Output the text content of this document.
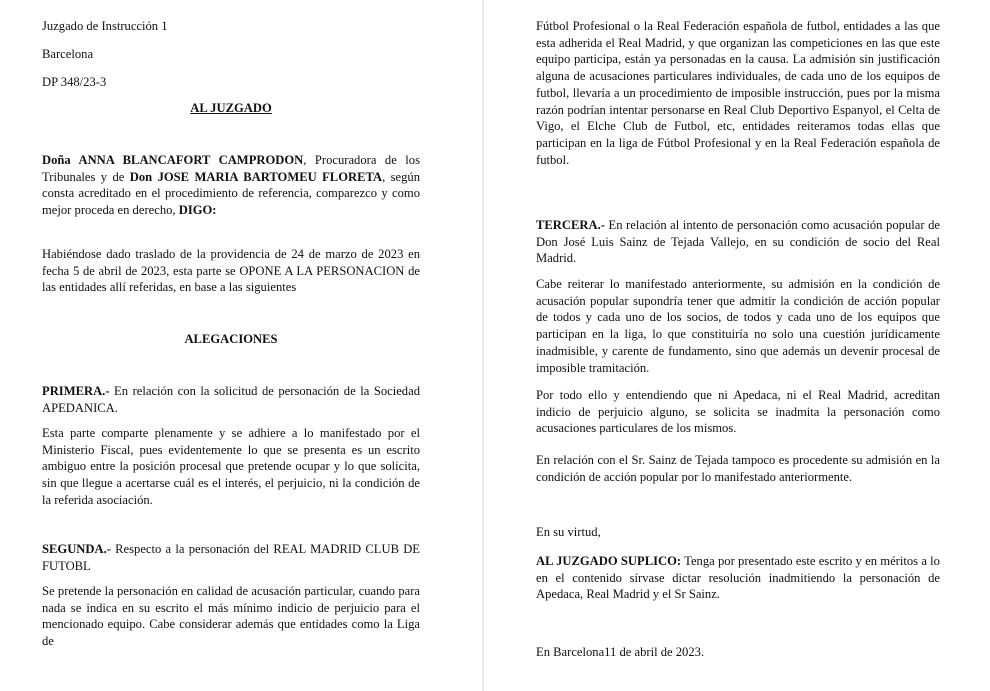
Juzgado de Instrucción 1
Barcelona
DP 348/23-3
AL JUZGADO
Doña ANNA BLANCAFORT CAMPRODON, Procuradora de los Tribunales y de Don JOSE MARIA BARTOMEU FLORETA, según consta acreditado en el procedimiento de referencia, comparezco y como mejor proceda en derecho, DIGO:
Habiéndose dado traslado de la providencia de 24 de marzo de 2023 en fecha 5 de abril de 2023, esta parte se OPONE A LA PERSONACION de las entidades allí referidas, en base a las siguientes
ALEGACIONES
PRIMERA.- En relación con la solicitud de personación de la Sociedad APEDANICA.
Esta parte comparte plenamente y se adhiere a lo manifestado por el Ministerio Fiscal, pues evidentemente lo que se presenta es un escrito ambiguo entre la posición procesal que pretende ocupar y lo que solicita, sin que llegue a acertarse cuál es el interés, el perjuicio, ni la condición de la referida asociación.
SEGUNDA.- Respecto a la personación del REAL MADRID CLUB DE FUTOBL
Se pretende la personación en calidad de acusación particular, cuando para nada se indica en su escrito el más mínimo indicio de perjuicio para el mencionado equipo. Cabe considerar además que entidades como la Liga de
Fútbol Profesional o la Real Federación española de futbol, entidades a las que esta adherida el Real Madrid, y que organizan las competiciones en las que este equipo participa, están ya personadas en la causa. La admisión sin justificación alguna de acusaciones particulares individuales, de cada uno de los equipos de futbol, llevaría a un procedimiento de imposible instrucción, pues por la misma razón podrían intentar personarse en Real Club Deportivo Espanyol, el Celta de Vigo, el Elche Club de Futbol, etc, entidades reiteramos todas ellas que participan en la liga de Fútbol Profesional y en la Real Federación española de futbol.
TERCERA.- En relación al intento de personación como acusación popular de Don José Luis Sainz de Tejada Vallejo, en su condición de socio del Real Madrid.
Cabe reiterar lo manifestado anteriormente, su admisión en la condición de acusación popular supondría tener que admitir la condición de acción popular de todos y cada uno de los socios, de todos y cada uno de los equipos que participan en la liga, lo que constituiría no solo una cuestión jurídicamente inadmisible, y carente de fundamento, sino que además un devenir procesal de imposible tramitación.
Por todo ello y entendiendo que ni Apedaca, ni el Real Madrid, acreditan indicio de perjuicio alguno, se solicita se inadmita la personación como acusaciones particulares de los mismos.
En relación con el Sr. Sainz de Tejada tampoco es procedente su admisión en la condición de acción popular por lo manifestado anteriormente.
En su virtud,
AL JUZGADO SUPLICO: Tenga por presentado este escrito y en méritos a lo en el contenido sírvase dictar resolución inadmitiendo la personación de Apedaca, Real Madrid y el Sr Sainz.
En Barcelona11 de abril de 2023.
